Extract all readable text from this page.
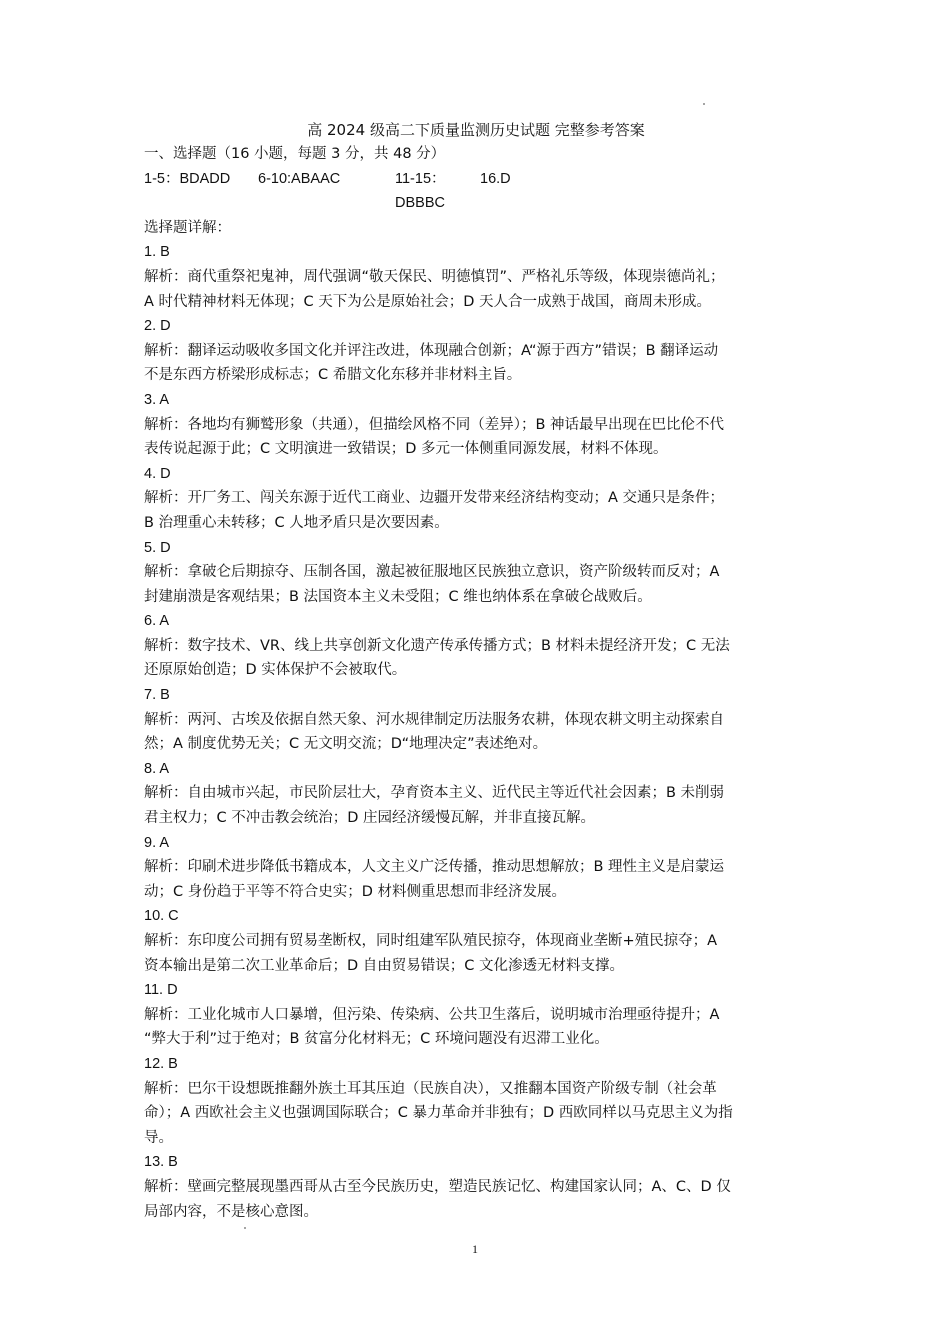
高 2024 级高二下质量监测历史试题 完整参考答案

一、选择题（16 小题，每题 3 分，共 48 分）

1-5：BDADD	6-10:ABAAC	11-15：DBBBC
16.D

选择题详解：

1. B

解析：商代重祭祀鬼神，周代强调“敬天保民、明德慎罚”、严格礼乐等级，体现崇德尚礼；

A 时代精神材料无体现；C 天下为公是原始社会；D 天人合一成熟于战国，商周未形成。

2. D

解析：翻译运动吸收多国文化并评注改进，体现融合创新；A“源于西方”错误；B 翻译运动

不是东西方桥梁形成标志；C 希腊文化东移并非材料主旨。

3. A

解析：各地均有狮鹫形象（共通），但描绘风格不同（差异）；B 神话最早出现在巴比伦不代

表传说起源于此；C 文明演进一致错误；D 多元一体侧重同源发展，材料不体现。

4. D

解析：开厂务工、闯关东源于近代工商业、边疆开发带来经济结构变动；A 交通只是条件；

B 治理重心未转移；C 人地矛盾只是次要因素。

5. D

解析：拿破仑后期掠夺、压制各国，激起被征服地区民族独立意识，资产阶级转而反对；A

封建崩溃是客观结果；B 法国资本主义未受阻；C 维也纳体系在拿破仑战败后。

6. A

解析：数字技术、VR、线上共享创新文化遗产传承传播方式；B 材料未提经济开发；C 无法

还原原始创造；D 实体保护不会被取代。

7. B

解析：两河、古埃及依据自然天象、河水规律制定历法服务农耕，体现农耕文明主动探索自

然；A 制度优势无关；C 无文明交流；D“地理决定”表述绝对。

8. A

解析：自由城市兴起，市民阶层壮大，孕育资本主义、近代民主等近代社会因素；B 未削弱

君主权力；C 不冲击教会统治；D 庄园经济缓慢瓦解，并非直接瓦解。

9. A

解析：印刷术进步降低书籍成本，人文主义广泛传播，推动思想解放；B 理性主义是启蒙运

动；C 身份趋于平等不符合史实；D 材料侧重思想而非经济发展。

10. C

解析：东印度公司拥有贸易垄断权，同时组建军队殖民掠夺，体现商业垄断+殖民掠夺；A

资本输出是第二次工业革命后；D 自由贸易错误；C 文化渗透无材料支撑。

11. D

解析：工业化城市人口暴增，但污染、传染病、公共卫生落后，说明城市治理亟待提升；A

“弊大于利”过于绝对；B 贫富分化材料无；C 环境问题没有迟滞工业化。

12. B

解析：巴尔干设想既推翻外族土耳其压迫（民族自决），又推翻本国资产阶级专制（社会革

命）；A 西欧社会主义也强调国际联合；C 暴力革命并非独有；D 西欧同样以马克思主义为指

导。

13. B

解析：壁画完整展现墨西哥从古至今民族历史，塑造民族记忆、构建国家认同；A、C、D 仅

局部内容，不是核心意图。

1
